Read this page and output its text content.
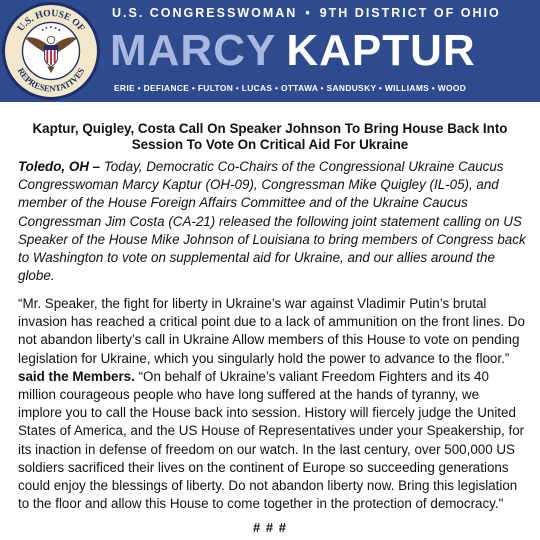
U.S. HOUSE OF
REPRESENTATIVES
U.S. CONGRESSWOMAN • 9TH DISTRICT OF OHIO
MARCY KAPTUR
ERIE • DEFIANCE • FULTON • LUCAS • OTTAWA • SANDUSKY • WILLIAMS • WOOD
Kaptur, Quigley, Costa Call On Speaker Johnson To Bring House Back Into Session To Vote On Critical Aid For Ukraine
Toledo, OH – Today, Democratic Co-Chairs of the Congressional Ukraine Caucus Congresswoman Marcy Kaptur (OH-09), Congressman Mike Quigley (IL-05), and member of the House Foreign Affairs Committee and of the Ukraine Caucus Congressman Jim Costa (CA-21) released the following joint statement calling on US Speaker of the House Mike Johnson of Louisiana to bring members of Congress back to Washington to vote on supplemental aid for Ukraine, and our allies around the globe.
“Mr. Speaker, the fight for liberty in Ukraine’s war against Vladimir Putin’s brutal invasion has reached a critical point due to a lack of ammunition on the front lines. Do not abandon liberty’s call in Ukraine Allow members of this House to vote on pending legislation for Ukraine, which you singularly hold the power to advance to the floor.” said the Members. “On behalf of Ukraine’s valiant Freedom Fighters and its 40 million courageous people who have long suffered at the hands of tyranny, we implore you to call the House back into session. History will fiercely judge the United States of America, and the US House of Representatives under your Speakership, for its inaction in defense of freedom on our watch. In the last century, over 500,000 US soldiers sacrificed their lives on the continent of Europe so succeeding generations could enjoy the blessings of liberty. Do not abandon liberty now. Bring this legislation to the floor and allow this House to come together in the protection of democracy."
# # #
